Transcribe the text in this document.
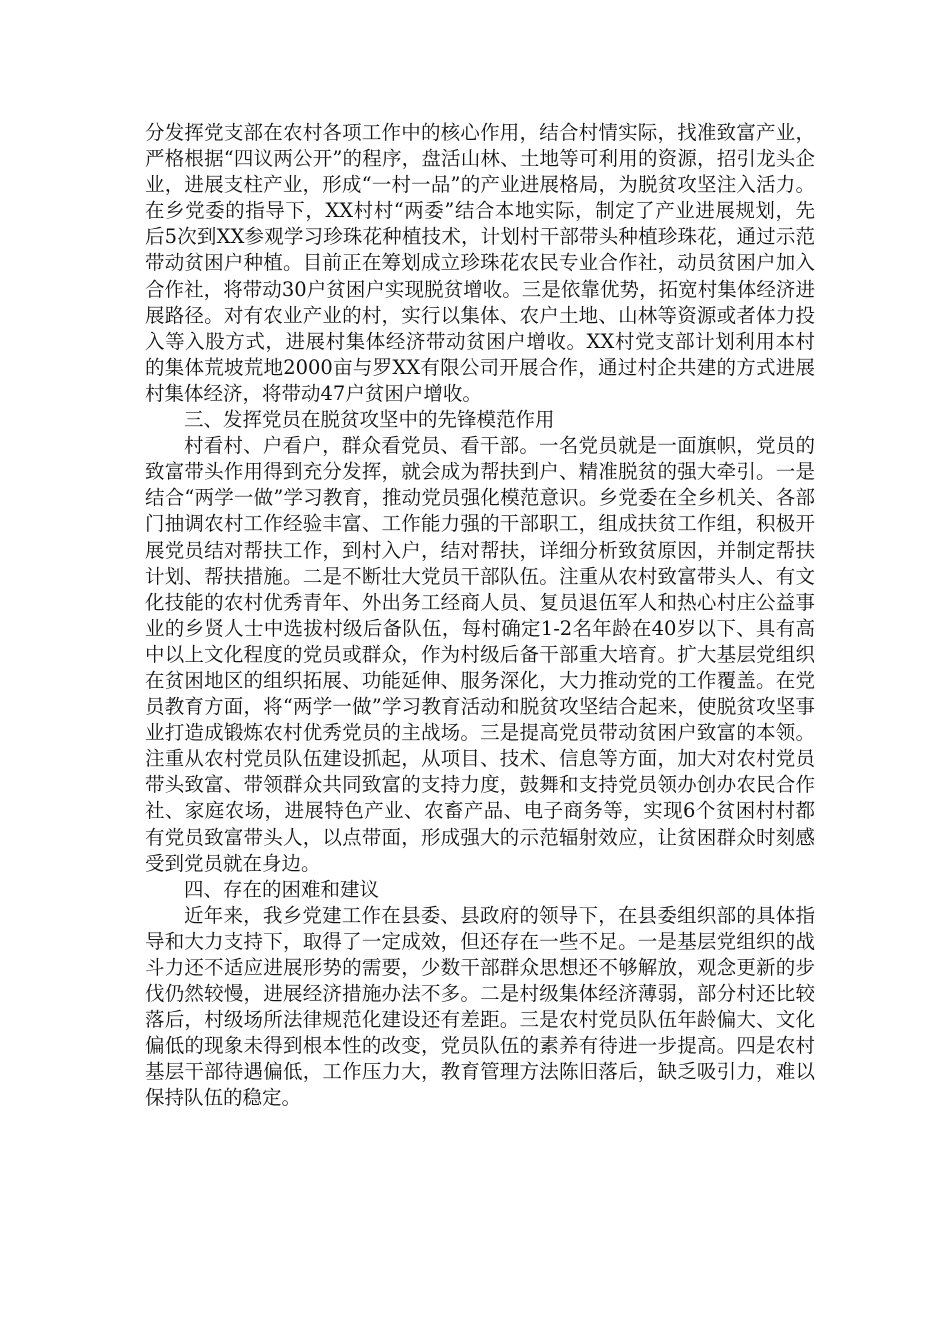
分发挥党支部在农村各项工作中的核心作用，结合村情实际，找准致富产业，严格根据“四议两公开”的程序，盘活山林、土地等可利用的资源，招引龙头企业，进展支柱产业，形成“一村一品”的产业进展格局，为脱贫攻坚注入活力。在乡党委的指导下，XX村村“两委”结合本地实际，制定了产业进展规划，先后5次到XX参观学习珍珠花种植技术，计划村干部带头种植珍珠花，通过示范带动贫困户种植。目前正在筹划成立珍珠花农民专业合作社，动员贫困户加入合作社，将带动30户贫困户实现脱贫增收。三是依靠优势，拓宽村集体经济进展路径。对有农业产业的村，实行以集体、农户土地、山林等资源或者体力投入等入股方式，进展村集体经济带动贫困户增收。XX村党支部计划利用本村的集体荒坡荒地2000亩与罗XX有限公司开展合作，通过村企共建的方式进展村集体经济，将带动47户贫困户增收。

三、发挥党员在脱贫攻坚中的先锋模范作用

村看村、户看户，群众看党员、看干部。一名党员就是一面旗帜，党员的致富带头作用得到充分发挥，就会成为帮扶到户、精准脱贫的强大牵引。一是结合“两学一做”学习教育，推动党员强化模范意识。乡党委在全乡机关、各部门抽调农村工作经验丰富、工作能力强的干部职工，组成扶贫工作组，积极开展党员结对帮扶工作，到村入户，结对帮扶，详细分析致贫原因，并制定帮扶计划、帮扶措施。二是不断壮大党员干部队伍。注重从农村致富带头人、有文化技能的农村优秀青年、外出务工经商人员、复员退伍军人和热心村庄公益事业的乡贤人士中选拔村级后备队伍，每村确定1-2名年龄在40岁以下、具有高中以上文化程度的党员或群众，作为村级后备干部重大培育。扩大基层党组织在贫困地区的组织拓展、功能延伸、服务深化，大力推动党的工作覆盖。在党员教育方面，将“两学一做”学习教育活动和脱贫攻坚结合起来，使脱贫攻坚事业打造成锻炼农村优秀党员的主战场。三是提高党员带动贫困户致富的本领。注重从农村党员队伍建设抓起，从项目、技术、信息等方面，加大对农村党员带头致富、带领群众共同致富的支持力度，鼓舞和支持党员领办创办农民合作社、家庭农场，进展特色产业、农畜产品、电子商务等，实现6个贫困村村都有党员致富带头人，以点带面，形成强大的示范辐射效应，让贫困群众时刻感受到党员就在身边。

四、存在的困难和建议

近年来，我乡党建工作在县委、县政府的领导下，在县委组织部的具体指导和大力支持下，取得了一定成效，但还存在一些不足。一是基层党组织的战斗力还不适应进展形势的需要，少数干部群众思想还不够解放，观念更新的步伐仍然较慢，进展经济措施办法不多。二是村级集体经济薄弱，部分村还比较落后，村级场所法律规范化建设还有差距。三是农村党员队伍年龄偏大、文化偏低的现象未得到根本性的改变，党员队伍的素养有待进一步提高。四是农村基层干部待遇偏低，工作压力大，教育管理方法陈旧落后，缺乏吸引力，难以保持队伍的稳定。
